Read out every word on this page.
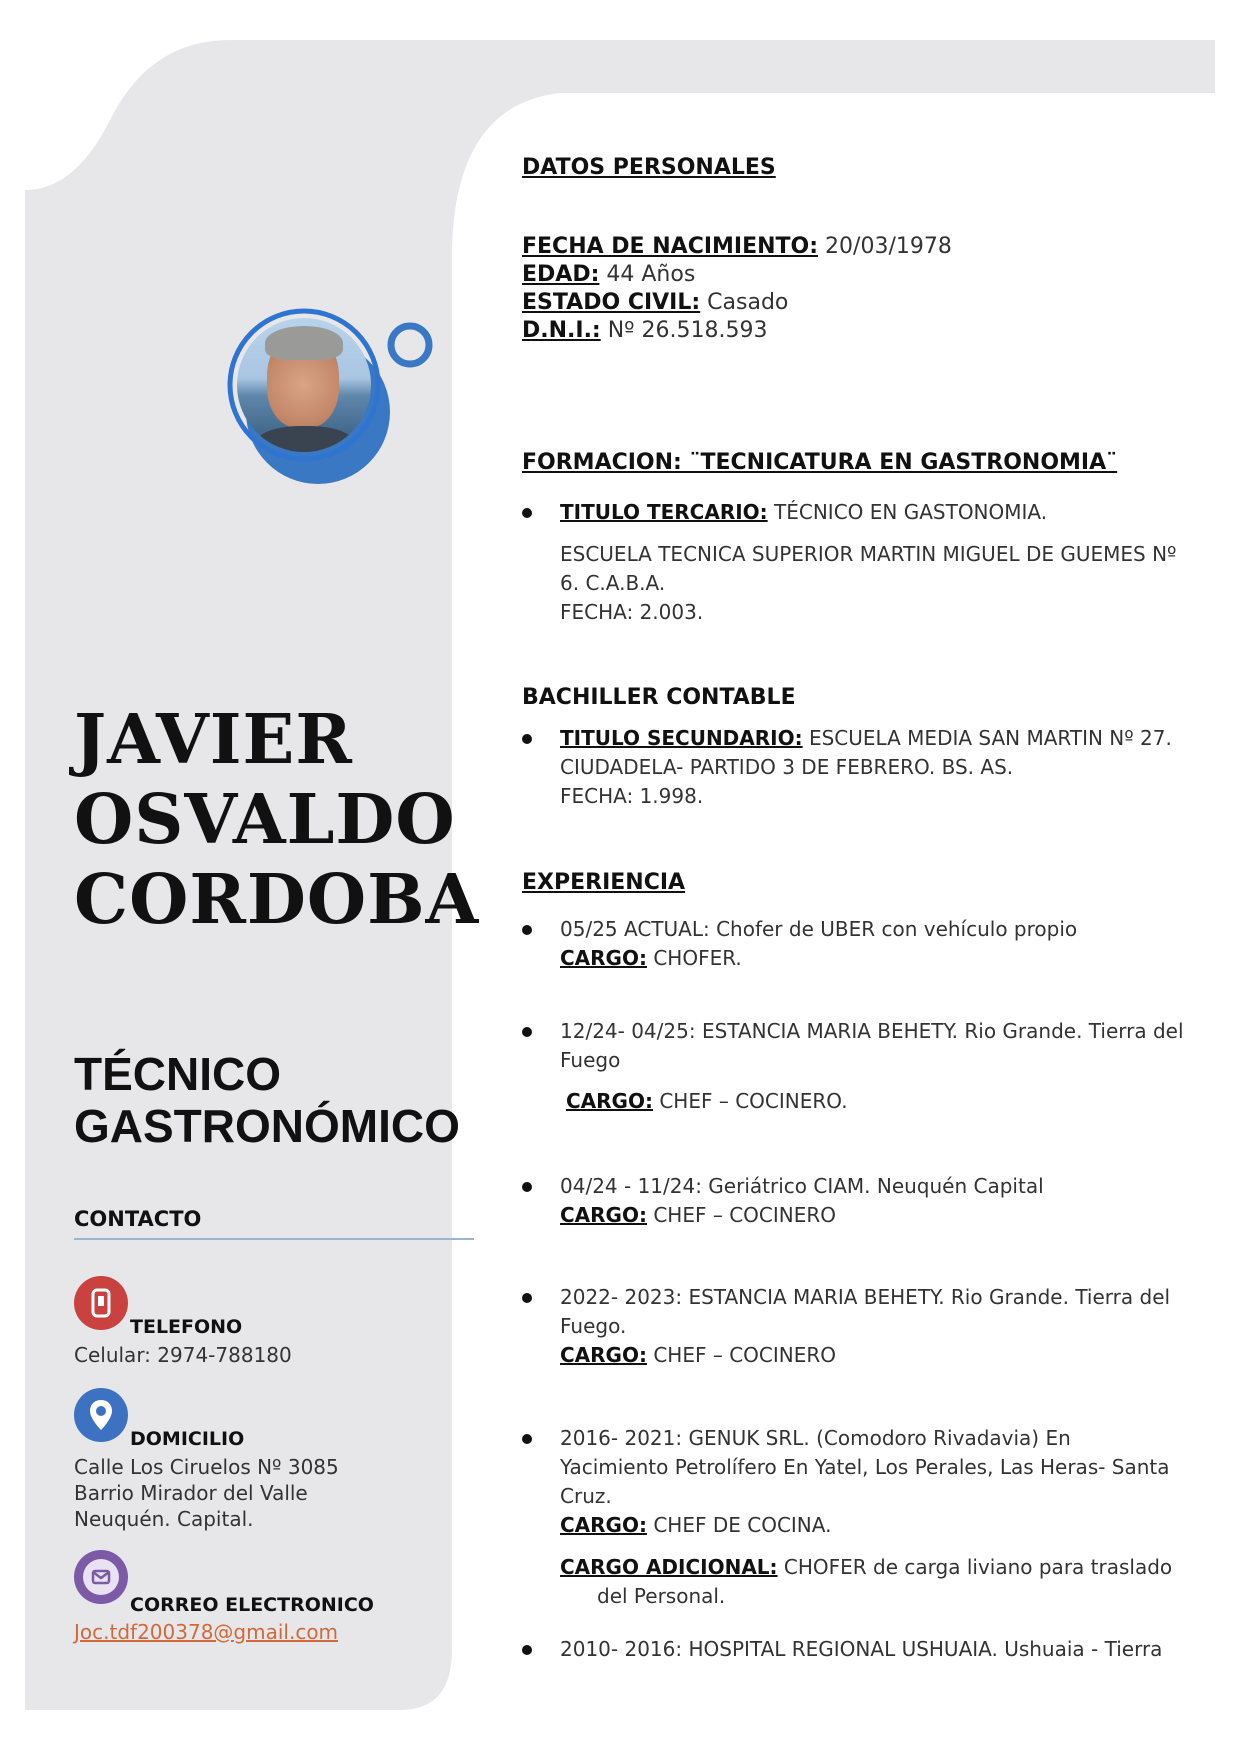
JAVIER
OSVALDO
CORDOBA
TÉCNICO
GASTRONÓMICO
CONTACTO
TELEFONO
Celular: 2974-788180
DOMICILIO
Calle Los Ciruelos Nº 3085
Barrio Mirador del Valle
Neuquén. Capital.
CORREO ELECTRONICO
Joc.tdf200378@gmail.com
DATOS PERSONALES
FECHA DE NACIMIENTO: 20/03/1978
EDAD: 44 Años
ESTADO CIVIL: Casado
D.N.I.: Nº 26.518.593
FORMACION: ¨TECNICATURA EN GASTRONOMIA¨
TITULO TERCARIO: TÉCNICO EN GASTONOMIA.
ESCUELA TECNICA SUPERIOR MARTIN MIGUEL DE GUEMES Nº
6. C.A.B.A.
FECHA: 2.003.
BACHILLER CONTABLE
TITULO SECUNDARIO: ESCUELA MEDIA SAN MARTIN Nº 27.
CIUDADELA- PARTIDO 3 DE FEBRERO. BS. AS.
FECHA: 1.998.
EXPERIENCIA
05/25 ACTUAL: Chofer de UBER con vehículo propio
CARGO: CHOFER.
12/24- 04/25: ESTANCIA MARIA BEHETY. Rio Grande. Tierra del
Fuego
CARGO: CHEF – COCINERO.
04/24 - 11/24: Geriátrico CIAM. Neuquén Capital
CARGO: CHEF – COCINERO
2022- 2023: ESTANCIA MARIA BEHETY. Rio Grande. Tierra del
Fuego.
CARGO: CHEF – COCINERO
2016- 2021: GENUK SRL. (Comodoro Rivadavia) En
Yacimiento Petrolífero En Yatel, Los Perales, Las Heras- Santa
Cruz.
CARGO: CHEF DE COCINA.
CARGO ADICIONAL: CHOFER de carga liviano para traslado
del Personal.
2010- 2016: HOSPITAL REGIONAL USHUAIA. Ushuaia - Tierra
